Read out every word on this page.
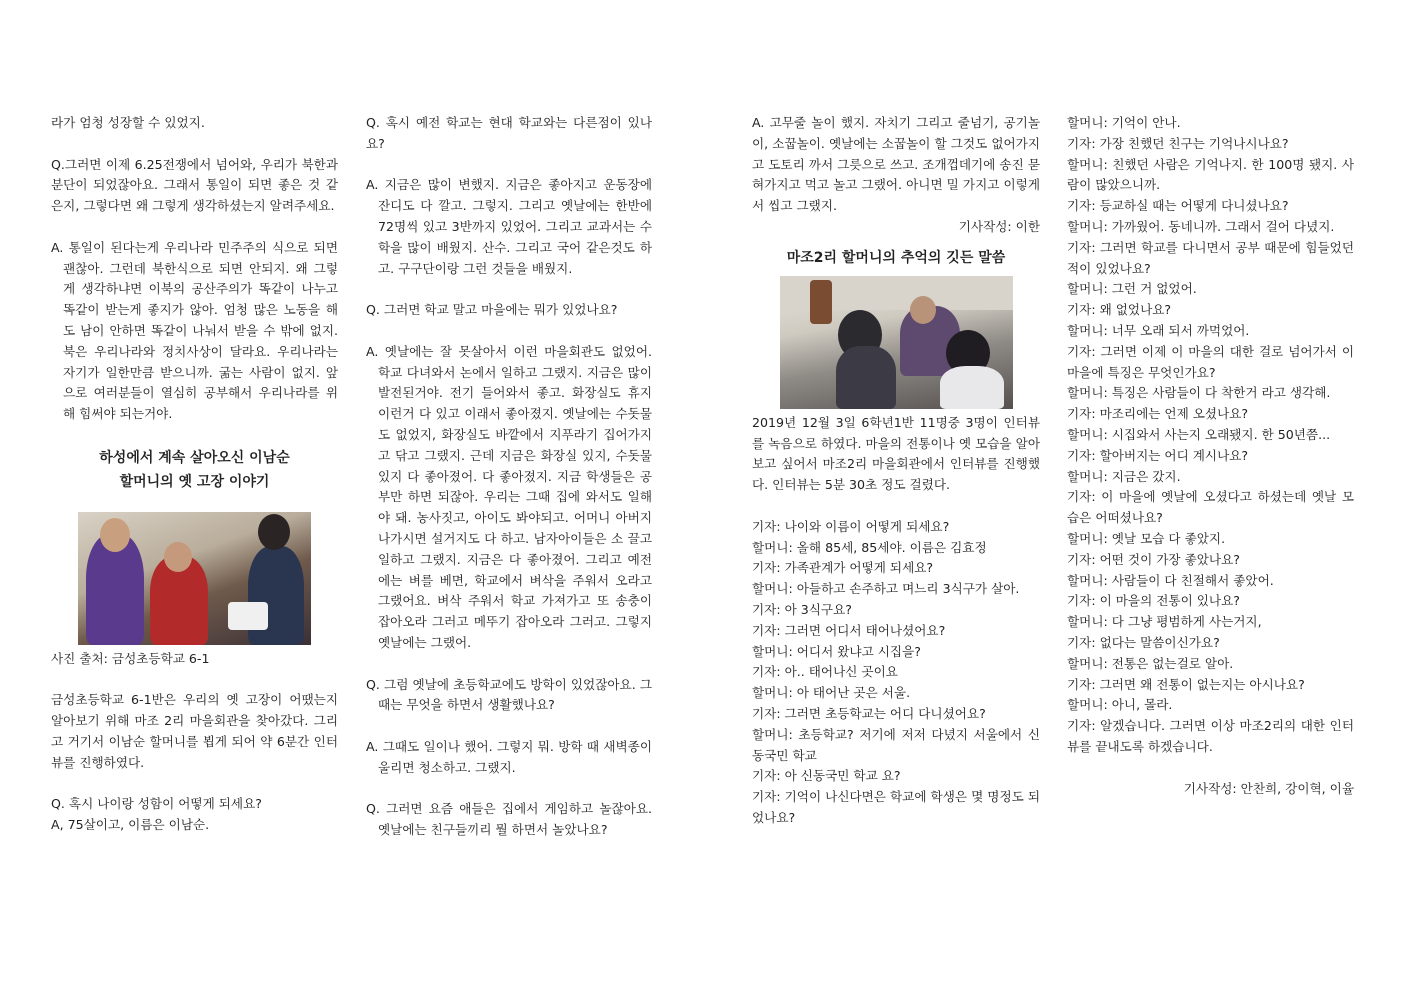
라가 엄청 성장할 수 있었지.

Q.그러면 이제 6.25전쟁에서 넘어와, 우리가 북한과 분단이 되었잖아요. 그래서 통일이 되면 좋은 것 같은지, 그렇다면 왜 그렇게 생각하셨는지 알려주세요.

A. 통일이 된다는게 우리나라 민주주의 식으로 되면 괜찮아. 그런데 북한식으로 되면 안되지. 왜 그렇게 생각하냐면 이북의 공산주의가 똑같이 나누고 똑같이 받는게 좋지가 않아. 엄청 많은 노동을 해도 남이 안하면 똑같이 나눠서 받을 수 밖에 없지. 북은 우리나라와 정치사상이 달라요. 우리나라는 자기가 일한만큼 받으니까. 굶는 사람이 없지. 앞으로 여러분들이 열심히 공부해서 우리나라를 위해 힘써야 되는거야.

하성에서 계속 살아오신 이남순
할머니의 옛 고장 이야기

사진 출처: 금성초등학교 6-1

금성초등학교 6-1반은 우리의 옛 고장이 어땠는지 알아보기 위해 마조 2리 마을회관을 찾아갔다. 그리고 거기서 이남순 할머니를 뵙게 되어 약 6분간 인터뷰를 진행하였다.

Q. 혹시 나이랑 성함이 어떻게 되세요?

A, 75살이고, 이름은 이남순.

Q. 혹시 예전 학교는 현대 학교와는 다른점이 있나요?

A. 지금은 많이 변했지. 지금은 좋아지고 운동장에 잔디도 다 깔고. 그렇지. 그리고 옛날에는 한반에 72명씩 있고 3반까지 있었어. 그리고 교과서는 수학을 많이 배웠지. 산수. 그리고 국어 같은것도 하고. 구구단이랑 그런 것들을 배웠지.

Q. 그러면 학교 말고 마을에는 뭐가 있었나요?

A. 옛날에는 잘 못살아서 이런 마을회관도 없었어. 학교 다녀와서 논에서 일하고 그랬지. 지금은 많이 발전된거야. 전기 들어와서 좋고. 화장실도 휴지 이런거 다 있고 이래서 좋아졌지. 옛날에는 수돗물도 없었지, 화장실도 바깥에서 지푸라기 집어가지고 닦고 그랬지. 근데 지금은 화장실 있지, 수돗물 있지 다 좋아졌어. 다 좋아졌지. 지금 학생들은 공부만 하면 되잖아. 우리는 그때 집에 와서도 일해야 돼. 농사짓고, 아이도 봐야되고. 어머니 아버지 나가시면 설거지도 다 하고. 남자아이들은 소 끌고 일하고 그랬지. 지금은 다 좋아졌어. 그리고 예전에는 벼를 베면, 학교에서 벼삭을 주워서 오라고 그랬어요. 벼삭 주워서 학교 가져가고 또 송충이 잡아오라 그러고 메뚜기 잡아오라 그러고. 그렇지 옛날에는 그랬어.

Q. 그럼 옛날에 초등학교에도 방학이 있었잖아요. 그때는 무엇을 하면서 생활했나요?

A. 그때도 일이나 했어. 그렇지 뭐. 방학 때 새벽종이 울리면 청소하고. 그랬지.

Q. 그러면 요즘 애들은 집에서 게임하고 놀잖아요. 옛날에는 친구들끼리 뭘 하면서 놀았나요?

A. 고무줄 놀이 했지. 자치기 그리고 줄넘기, 공기놀이, 소꿉놀이. 옛날에는 소꿉놀이 할 그것도 없어가지고 도토리 까서 그릇으로 쓰고. 조개껍데기에 송진 묻혀가지고 먹고 놀고 그랬어. 아니면 밀 가지고 이렇게 서 씹고 그랬지.

기사작성: 이한

마조2리 할머니의 추억의 깃든 말씀

2019년 12월 3일 6학년1반 11명중 3명이 인터뷰를 녹음으로 하였다. 마을의 전통이나 옛 모습을 알아보고 싶어서 마조2리 마을회관에서 인터뷰를 진행했다. 인터뷰는 5분 30초 정도 걸렸다.

기자: 나이와 이름이 어떻게 되세요?

할머니: 올해 85세, 85세야. 이름은 김효정

기자: 가족관계가 어떻게 되세요?

할머니: 아들하고 손주하고 며느리 3식구가 살아.

기자: 아 3식구요?

기자: 그러면 어디서 태어나셨어요?

할머니: 어디서 왔냐고 시집을?

기자: 아.. 태어나신 곳이요

할머니: 아 태어난 곳은 서울.

기자: 그러면 초등학교는 어디 다니셨어요?

할머니: 초등학교? 저기에 저저 다녔지 서울에서 신동국민 학교

기자: 아 신동국민 학교 요?

기자: 기억이 나신다면은 학교에 학생은 몇 명정도 되었나요?

할머니: 기억이 안나.

기자: 가장 친했던 친구는 기억나시나요?

할머니: 친했던 사람은 기억나지. 한 100명 됐지. 사람이 많았으니까.

기자: 등교하실 때는 어떻게 다니셨나요?

할머니: 가까웠어. 동네니까. 그래서 걸어 다녔지.

기자: 그러면 학교를 다니면서 공부 때문에 힘들었던 적이 있었나요?

할머니: 그런 거 없었어.

기자: 왜 없었나요?

할머니: 너무 오래 되서 까먹었어.

기자: 그러면 이제 이 마을의 대한 걸로 넘어가서 이 마을에 특징은 무엇인가요?

할머니: 특징은 사람들이 다 착한거 라고 생각해.

기자: 마조리에는 언제 오셨나요?

할머니: 시집와서 사는지 오래됐지. 한 50년쯤...

기자: 할아버지는 어디 계시나요?

할머니: 지금은 갔지.

기자: 이 마을에 옛날에 오셨다고 하셨는데 옛날 모습은 어떠셨나요?

할머니: 옛날 모습 다 좋았지.

기자: 어떤 것이 가장 좋았나요?

할머니: 사람들이 다 친절해서 좋았어.

기자: 이 마을의 전통이 있나요?

할머니: 다 그냥 평범하게 사는거지,

기자: 없다는 말씀이신가요?

할머니: 전통은 없는걸로 알아.

기자: 그러면 왜 전통이 없는지는 아시나요?

할머니: 아니, 몰라.

기자: 알겠습니다. 그러면 이상 마조2리의 대한 인터뷰를 끝내도록 하겠습니다.

기사작성: 안찬희, 강이혁, 이율
